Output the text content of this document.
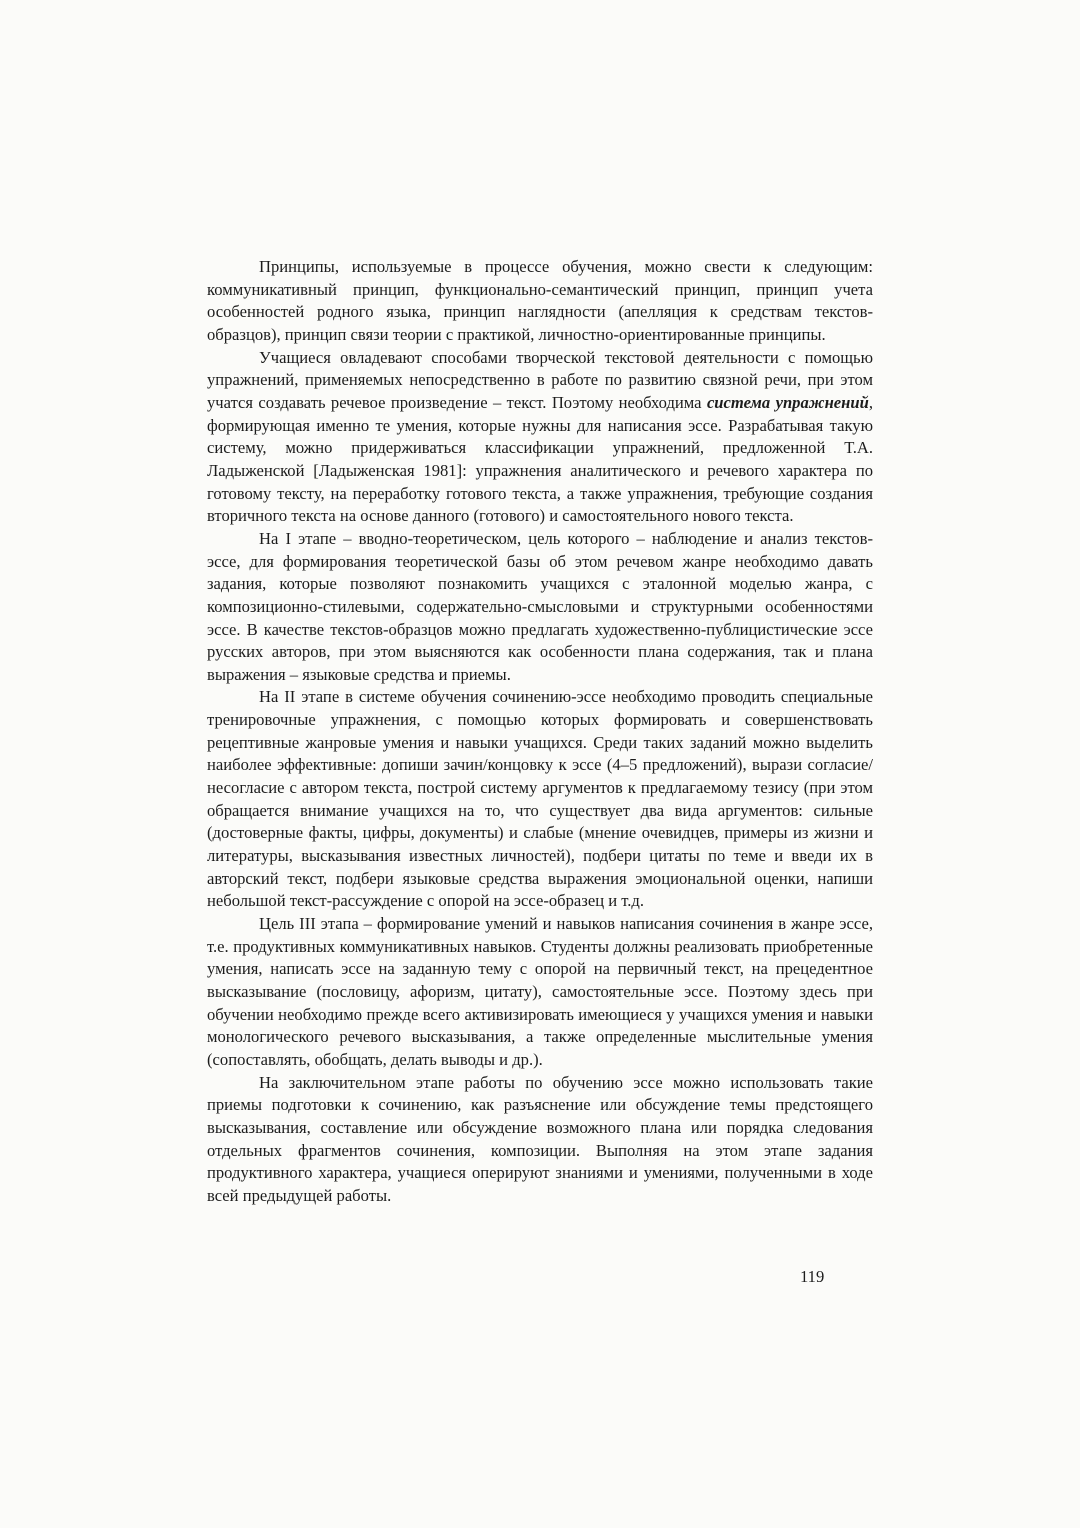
Принципы, используемые в процессе обучения, можно свести к следующим: коммуникативный принцип, функционально-семантический принцип, принцип учета особенностей родного языка, принцип наглядности (апелляция к средствам текстов-образцов), принцип связи теории с практикой, личностно-ориентированные принципы.

Учащиеся овладевают способами творческой текстовой деятельности с помощью упражнений, применяемых непосредственно в работе по развитию связной речи, при этом учатся создавать речевое произведение – текст. Поэтому необходима система упражнений, формирующая именно те умения, которые нужны для написания эссе. Разрабатывая такую систему, можно придерживаться классификации упражнений, предложенной Т.А. Ладыженской [Ладыженская 1981]: упражнения аналитического и речевого характера по готовому тексту, на переработку готового текста, а также упражнения, требующие создания вторичного текста на основе данного (готового) и самостоятельного нового текста.

На I этапе – вводно-теоретическом, цель которого – наблюдение и анализ текстов-эссе, для формирования теоретической базы об этом речевом жанре необходимо давать задания, которые позволяют познакомить учащихся с эталонной моделью жанра, с композиционно-стилевыми, содержательно-смысловыми и структурными особенностями эссе. В качестве текстов-образцов можно предлагать художественно-публицистические эссе русских авторов, при этом выясняются как особенности плана содержания, так и плана выражения – языковые средства и приемы.

На II этапе в системе обучения сочинению-эссе необходимо проводить специальные тренировочные упражнения, с помощью которых формировать и совершенствовать рецептивные жанровые умения и навыки учащихся. Среди таких заданий можно выделить наиболее эффективные: допиши зачин/концовку к эссе (4–5 предложений), вырази согласие/несогласие с автором текста, построй систему аргументов к предлагаемому тезису (при этом обращается внимание учащихся на то, что существует два вида аргументов: сильные (достоверные факты, цифры, документы) и слабые (мнение очевидцев, примеры из жизни и литературы, высказывания известных личностей), подбери цитаты по теме и введи их в авторский текст, подбери языковые средства выражения эмоциональной оценки, напиши небольшой текст-рассуждение с опорой на эссе-образец и т.д.

Цель III этапа – формирование умений и навыков написания сочинения в жанре эссе, т.е. продуктивных коммуникативных навыков. Студенты должны реализовать приобретенные умения, написать эссе на заданную тему с опорой на первичный текст, на прецедентное высказывание (пословицу, афоризм, цитату), самостоятельные эссе. Поэтому здесь при обучении необходимо прежде всего активизировать имеющиеся у учащихся умения и навыки монологического речевого высказывания, а также определенные мыслительные умения (сопоставлять, обобщать, делать выводы и др.).

На заключительном этапе работы по обучению эссе можно использовать такие приемы подготовки к сочинению, как разъяснение или обсуждение темы предстоящего высказывания, составление или обсуждение возможного плана или порядка следования отдельных фрагментов сочинения, композиции. Выполняя на этом этапе задания продуктивного характера, учащиеся оперируют знаниями и умениями, полученными в ходе всей предыдущей работы.

119
